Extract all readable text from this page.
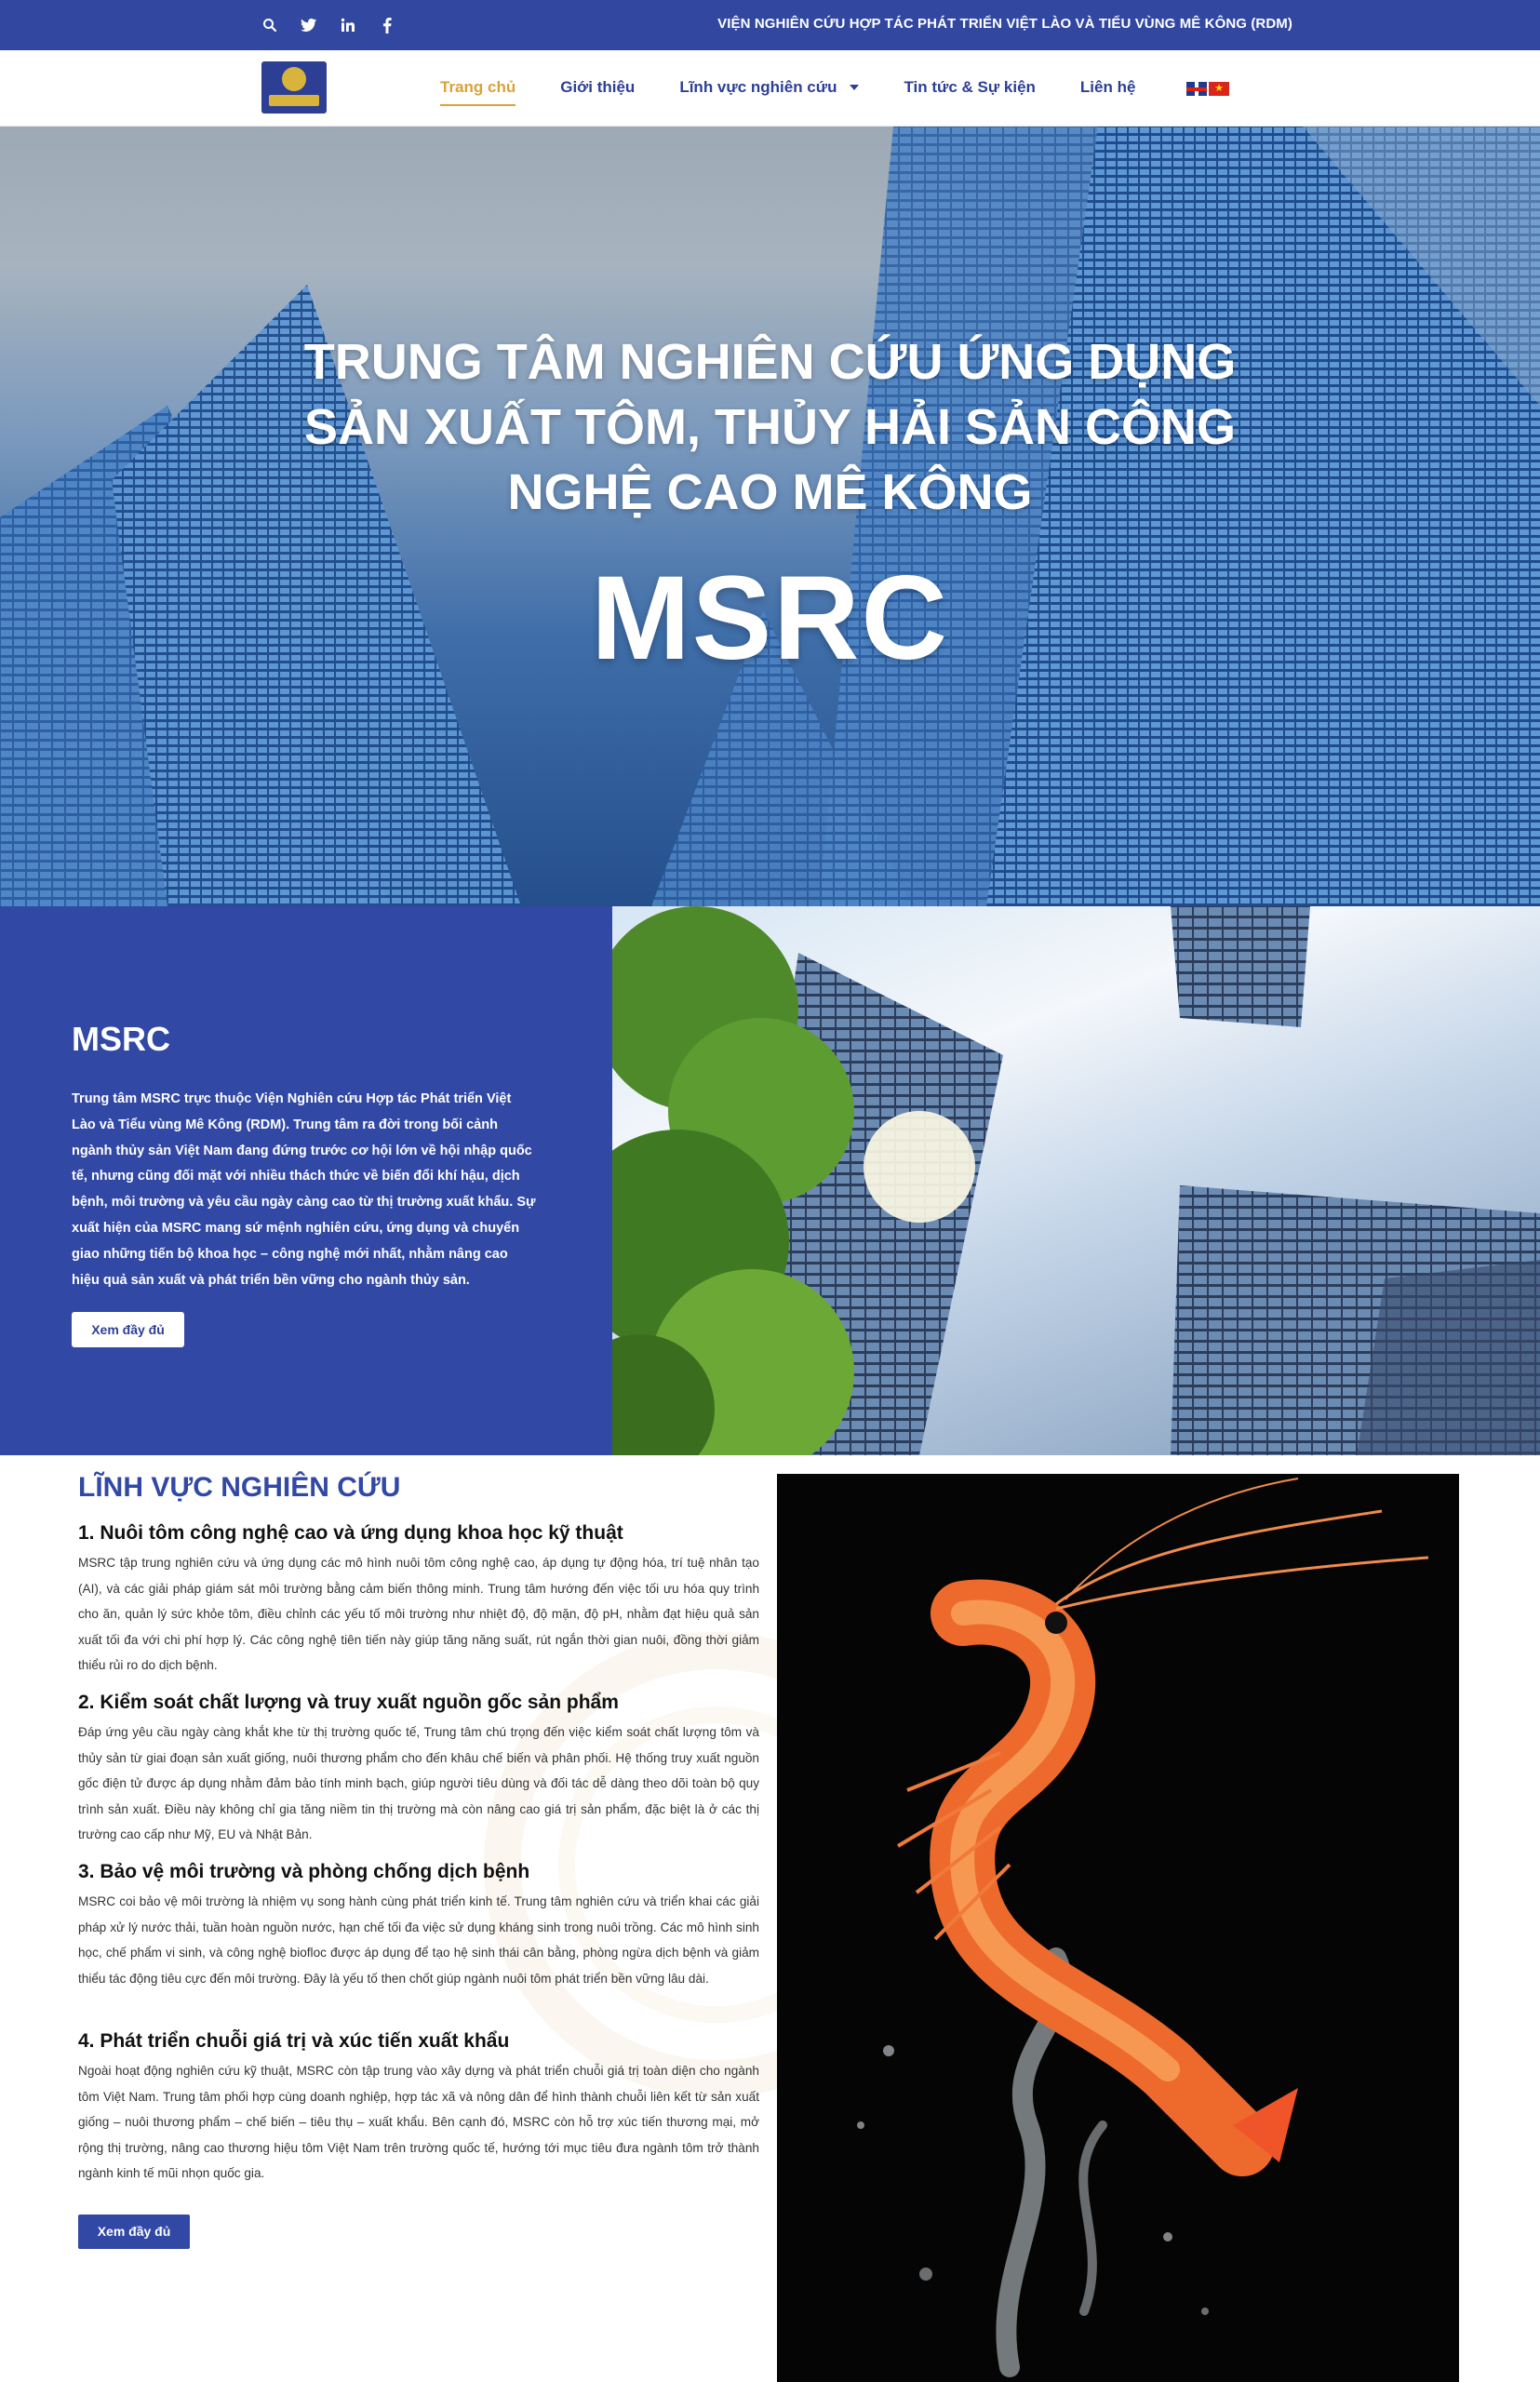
VIỆN NGHIÊN CỨU HỢP TÁC PHÁT TRIỂN VIỆT LÀO VÀ TIỂU VÙNG MÊ KÔNG (RDM)
Trang chủ	Giới thiệu	Lĩnh vực nghiên cứu	Tin tức & Sự kiện	Liên hệ	★
TRUNG TÂM NGHIÊN CỨU ỨNG DỤNG
SẢN XUẤT TÔM, THỦY HẢI SẢN CÔNG
NGHỆ CAO MÊ KÔNG
MSRC
MSRC

Trung tâm MSRC trực thuộc Viện Nghiên cứu Hợp tác Phát triển Việt Lào và Tiểu vùng Mê Kông (RDM). Trung tâm ra đời trong bối cảnh ngành thủy sản Việt Nam đang đứng trước cơ hội lớn về hội nhập quốc tế, nhưng cũng đối mặt với nhiều thách thức về biến đổi khí hậu, dịch bệnh, môi trường và yêu cầu ngày càng cao từ thị trường xuất khẩu. Sự xuất hiện của MSRC mang sứ mệnh nghiên cứu, ứng dụng và chuyển giao những tiến bộ khoa học – công nghệ mới nhất, nhằm nâng cao hiệu quả sản xuất và phát triển bền vững cho ngành thủy sản.

Xem đầy đủ
LĨNH VỰC NGHIÊN CỨU
1. Nuôi tôm công nghệ cao và ứng dụng khoa học kỹ thuật

MSRC tập trung nghiên cứu và ứng dụng các mô hình nuôi tôm công nghệ cao, áp dụng tự động hóa, trí tuệ nhân tạo (AI), và các giải pháp giám sát môi trường bằng cảm biến thông minh. Trung tâm hướng đến việc tối ưu hóa quy trình cho ăn, quản lý sức khỏe tôm, điều chỉnh các yếu tố môi trường như nhiệt độ, độ mặn, độ pH, nhằm đạt hiệu quả sản xuất tối đa với chi phí hợp lý. Các công nghệ tiên tiến này giúp tăng năng suất, rút ngắn thời gian nuôi, đồng thời giảm thiểu rủi ro do dịch bệnh.

2. Kiểm soát chất lượng và truy xuất nguồn gốc sản phẩm

Đáp ứng yêu cầu ngày càng khắt khe từ thị trường quốc tế, Trung tâm chú trọng đến việc kiểm soát chất lượng tôm và thủy sản từ giai đoạn sản xuất giống, nuôi thương phẩm cho đến khâu chế biến và phân phối. Hệ thống truy xuất nguồn gốc điện tử được áp dụng nhằm đảm bảo tính minh bạch, giúp người tiêu dùng và đối tác dễ dàng theo dõi toàn bộ quy trình sản xuất. Điều này không chỉ gia tăng niềm tin thị trường mà còn nâng cao giá trị sản phẩm, đặc biệt là ở các thị trường cao cấp như Mỹ, EU và Nhật Bản.

3. Bảo vệ môi trường và phòng chống dịch bệnh

MSRC coi bảo vệ môi trường là nhiệm vụ song hành cùng phát triển kinh tế. Trung tâm nghiên cứu và triển khai các giải pháp xử lý nước thải, tuần hoàn nguồn nước, hạn chế tối đa việc sử dụng kháng sinh trong nuôi trồng. Các mô hình sinh học, chế phẩm vi sinh, và công nghệ biofloc được áp dụng để tạo hệ sinh thái cân bằng, phòng ngừa dịch bệnh và giảm thiểu tác động tiêu cực đến môi trường. Đây là yếu tố then chốt giúp ngành nuôi tôm phát triển bền vững lâu dài.

4. Phát triển chuỗi giá trị và xúc tiến xuất khẩu

Ngoài hoạt động nghiên cứu kỹ thuật, MSRC còn tập trung vào xây dựng và phát triển chuỗi giá trị toàn diện cho ngành tôm Việt Nam. Trung tâm phối hợp cùng doanh nghiệp, hợp tác xã và nông dân để hình thành chuỗi liên kết từ sản xuất giống – nuôi thương phẩm – chế biến – tiêu thụ – xuất khẩu. Bên cạnh đó, MSRC còn hỗ trợ xúc tiến thương mại, mở rộng thị trường, nâng cao thương hiệu tôm Việt Nam trên trường quốc tế, hướng tới mục tiêu đưa ngành tôm trở thành ngành kinh tế mũi nhọn quốc gia.

Xem đầy đủ
